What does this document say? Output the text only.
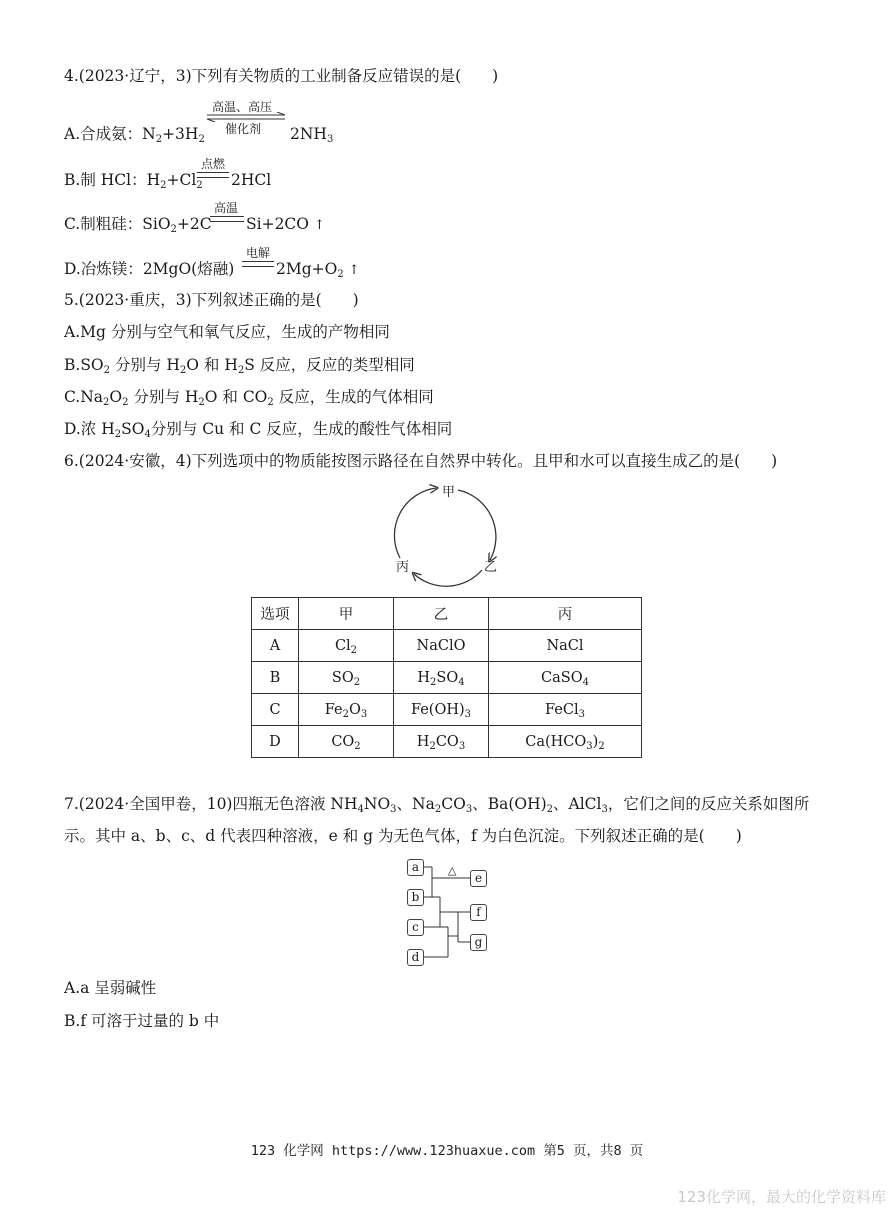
4.(2023·辽宁，3)下列有关物质的工业制备反应错误的是(　　)
A.合成氨：$N_2+3H_2$
高温、高压
催化剂 $2NH_3$
B.制 HCl：$H_2+Cl_2$
点燃
2HCl
C.制粗硅：SiO$_2$+2C
高温
Si+2CO ↑
D.冶炼镁：2MgO(熔融)
电解
$2Mg+O_2$ ↑
5.(2023·重庆，3)下列叙述正确的是(　　)
A.Mg 分别与空气和氧气反应，生成的产物相同
$B.SO_2$ 分别与 $H_2O$ 和 $H_2S$ 反应，反应的类型相同
$C.Na_2O_2$ 分别与 $H_2O$ 和 $CO_2$ 反应，生成的气体相同
D.浓 $H_2SO_4$分别与 Cu 和 C 反应，生成的酸性气体相同
6.(2024·安徽，4)下列选项中的物质能按图示路径在自然界中转化。且甲和水可以直接生成乙的是(　　)
甲
乙
丙
选项	甲	乙	丙
A	$Cl_2$	NaClO	NaCl
B	$SO_2$	$H_2SO_4$	CaSO$_4$
C	$Fe_2O_3$	$Fe(OH)_3$	FeCl$_3$
D	$CO_2$	$H_2CO_3$	$Ca(HCO_3)_2$
7.(2024·全国甲卷，10)四瓶无色溶液 $NH_4NO_3$、$Na_2CO_3$、$Ba(OH)_2$、AlCl$_3$，它们之间的反应关系如图所
示。其中 a、b、c、d 代表四种溶液，e 和 g 为无色气体，f 为白色沉淀。下列叙述正确的是(　　)
a
b
c
d
e
f
g
△
A.a 呈弱碱性
B.f 可溶于过量的 b 中
123 化学网 https://www.123huaxue.com 第5 页，共8 页
123化学网，最大的化学资料库
